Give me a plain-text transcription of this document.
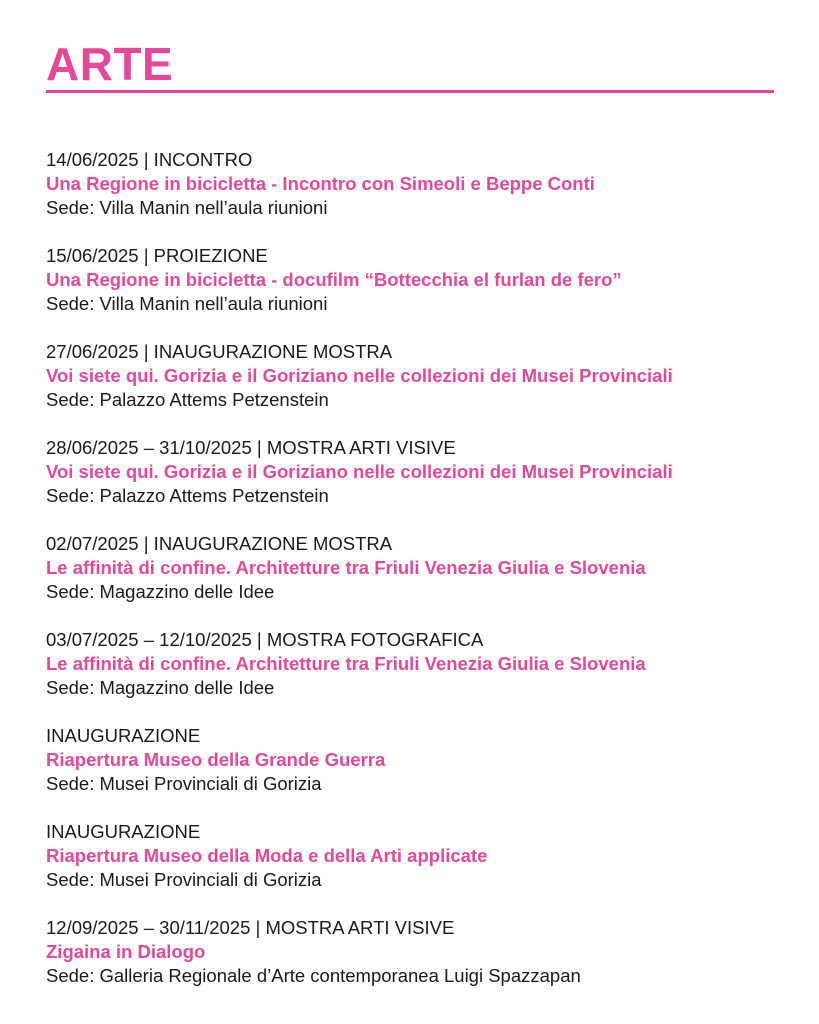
ARTE
14/06/2025 | INCONTRO
Una Regione in bicicletta - Incontro con Simeoli e Beppe Conti
Sede: Villa Manin nell’aula riunioni
15/06/2025 | PROIEZIONE
Una Regione in bicicletta - docufilm “Bottecchia el furlan de fero”
Sede: Villa Manin nell’aula riunioni
27/06/2025 | INAUGURAZIONE MOSTRA
Voi siete qui. Gorizia e il Goriziano nelle collezioni dei Musei Provinciali
Sede: Palazzo Attems Petzenstein
28/06/2025 – 31/10/2025 | MOSTRA ARTI VISIVE
Voi siete qui. Gorizia e il Goriziano nelle collezioni dei Musei Provinciali
Sede: Palazzo Attems Petzenstein
02/07/2025 | INAUGURAZIONE MOSTRA
Le affinità di confine. Architetture tra Friuli Venezia Giulia e Slovenia
Sede: Magazzino delle Idee
03/07/2025 – 12/10/2025 | MOSTRA FOTOGRAFICA
Le affinità di confine. Architetture tra Friuli Venezia Giulia e Slovenia
Sede: Magazzino delle Idee
INAUGURAZIONE
Riapertura Museo della Grande Guerra
Sede: Musei Provinciali di Gorizia
INAUGURAZIONE
Riapertura Museo della Moda e della Arti applicate
Sede: Musei Provinciali di Gorizia
12/09/2025 – 30/11/2025 | MOSTRA ARTI VISIVE
Zigaina in Dialogo
Sede: Galleria Regionale d’Arte contemporanea Luigi Spazzapan
